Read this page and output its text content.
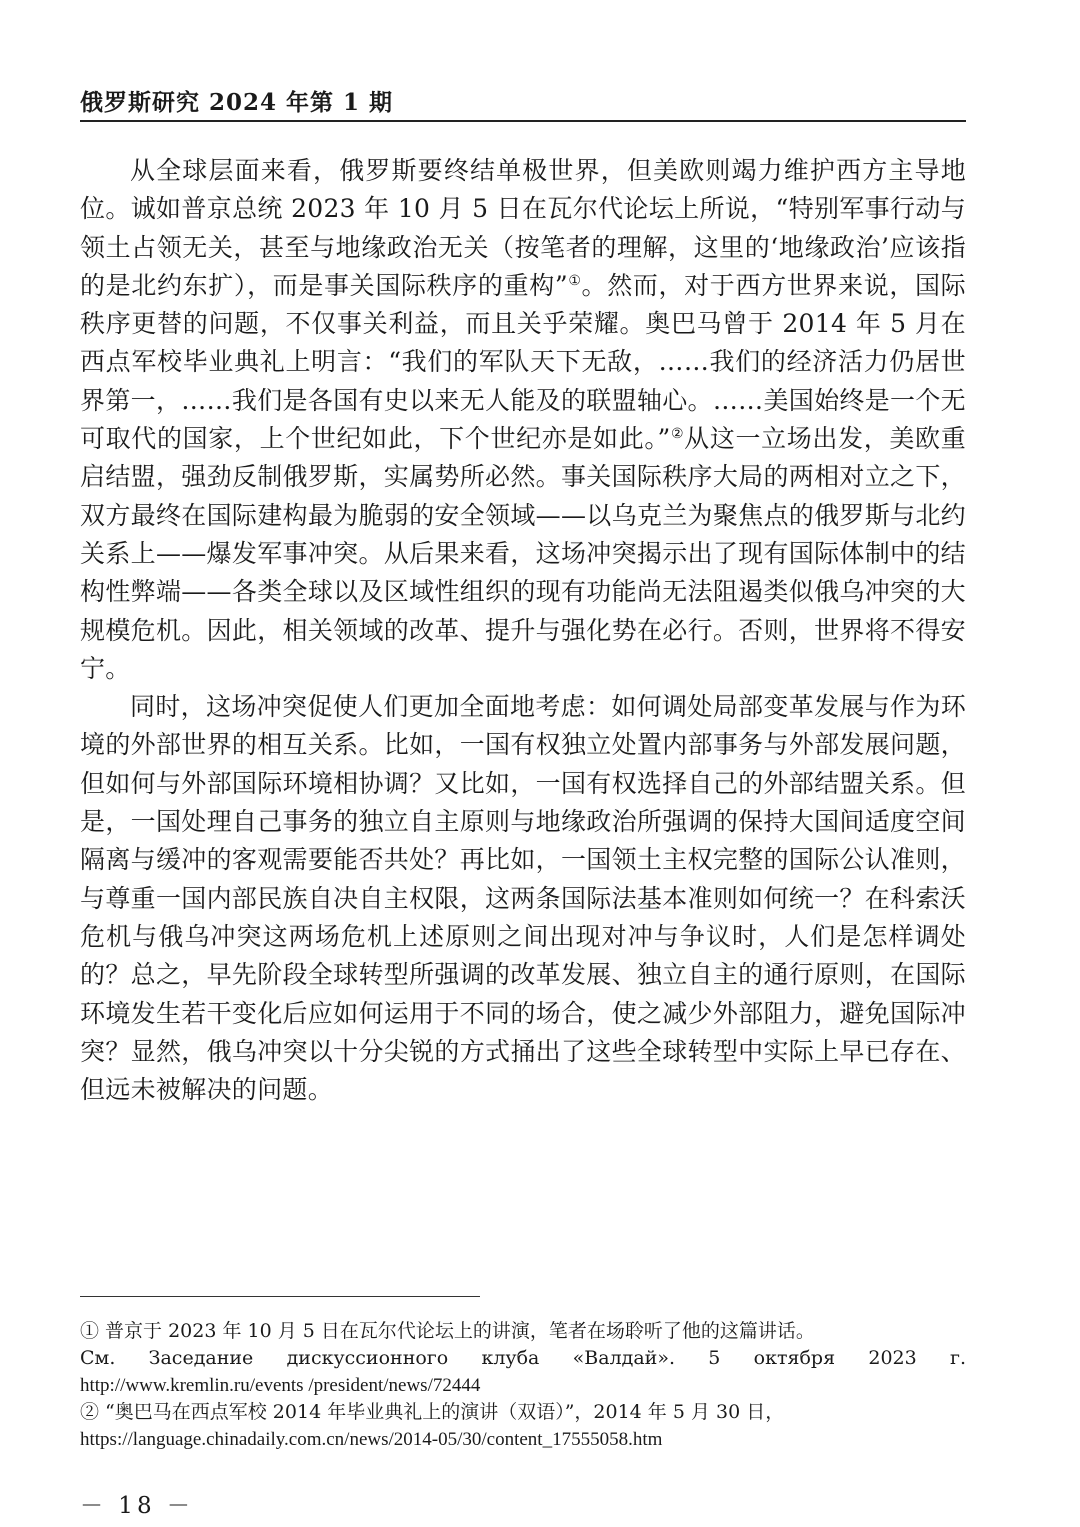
俄罗斯研究 2024 年第 1 期

从全球层面来看，俄罗斯要终结单极世界，但美欧则竭力维护西方主导地位。诚如普京总统 2023 年 10 月 5 日在瓦尔代论坛上所说，“特别军事行动与领土占领无关，甚至与地缘政治无关（按笔者的理解，这里的‘地缘政治’应该指的是北约东扩），而是事关国际秩序的重构”①。然而，对于西方世界来说，国际秩序更替的问题，不仅事关利益，而且关乎荣耀。奥巴马曾于 2014 年 5 月在西点军校毕业典礼上明言：“我们的军队天下无敌，……我们的经济活力仍居世界第一，……我们是各国有史以来无人能及的联盟轴心。……美国始终是一个无可取代的国家，上个世纪如此，下个世纪亦是如此。”②从这一立场出发，美欧重启结盟，强劲反制俄罗斯，实属势所必然。事关国际秩序大局的两相对立之下，双方最终在国际建构最为脆弱的安全领域——以乌克兰为聚焦点的俄罗斯与北约关系上——爆发军事冲突。从后果来看，这场冲突揭示出了现有国际体制中的结构性弊端——各类全球以及区域性组织的现有功能尚无法阻遏类似俄乌冲突的大规模危机。因此，相关领域的改革、提升与强化势在必行。否则，世界将不得安宁。

同时，这场冲突促使人们更加全面地考虑：如何调处局部变革发展与作为环境的外部世界的相互关系。比如，一国有权独立处置内部事务与外部发展问题，但如何与外部国际环境相协调？又比如，一国有权选择自己的外部结盟关系。但是，一国处理自己事务的独立自主原则与地缘政治所强调的保持大国间适度空间隔离与缓冲的客观需要能否共处？再比如，一国领土主权完整的国际公认准则，与尊重一国内部民族自决自主权限，这两条国际法基本准则如何统一？在科索沃危机与俄乌冲突这两场危机上述原则之间出现对冲与争议时，人们是怎样调处的？总之，早先阶段全球转型所强调的改革发展、独立自主的通行原则，在国际环境发生若干变化后应如何运用于不同的场合，使之减少外部阻力，避免国际冲突？显然，俄乌冲突以十分尖锐的方式捅出了这些全球转型中实际上早已存在、但远未被解决的问题。

① 普京于 2023 年 10 月 5 日在瓦尔代论坛上的讲演，笔者在场聆听了他的这篇讲话。
См. Заседание дискуссионного клуба «Валдай». 5 октября 2023 г.
http://www.kremlin.ru/events /president/news/72444

② “奥巴马在西点军校 2014 年毕业典礼上的演讲（双语）”，2014 年 5 月 30 日，
https://language.chinadaily.com.cn/news/2014-05/30/content_17555058.htm

－ 18 －
